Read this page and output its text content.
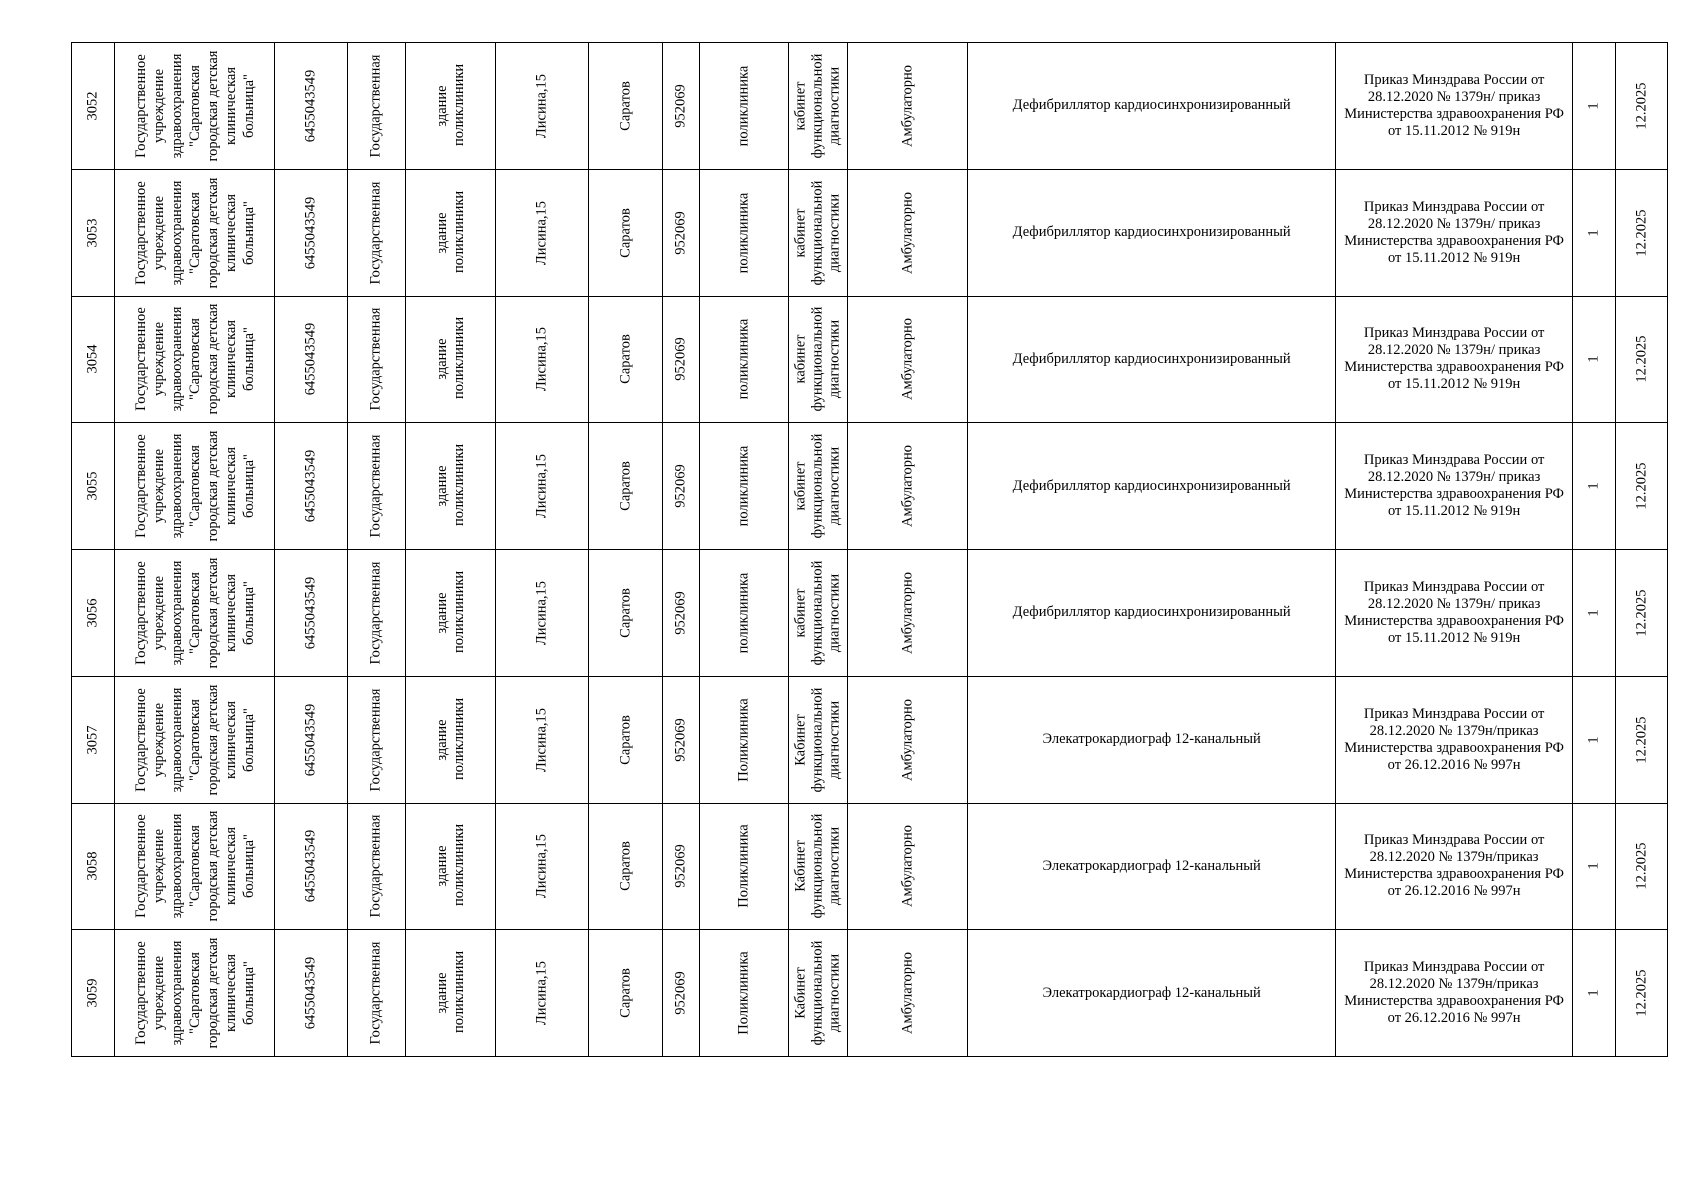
3052	Государственное учреждение здравоохранения "Саратовская городская детская клиническая больница"	6455043549	Государственная	здание поликлиники	Лисина,15	Саратов	952069	поликлиника	кабинет функциональной диагностики	Амбулаторно	Дефибриллятор кардиосинхронизированный	Приказ Минздрава России от 28.12.2020 № 1379н/ приказ Министерства здравоохранения РФ от 15.11.2012 № 919н	1	12.2025

3053	Государственное учреждение здравоохранения "Саратовская городская детская клиническая больница"	6455043549	Государственная	здание поликлиники	Лисина,15	Саратов	952069	поликлиника	кабинет функциональной диагностики	Амбулаторно	Дефибриллятор кардиосинхронизированный	Приказ Минздрава России от 28.12.2020 № 1379н/ приказ Министерства здравоохранения РФ от 15.11.2012 № 919н	1	12.2025

3054	Государственное учреждение здравоохранения "Саратовская городская детская клиническая больница"	6455043549	Государственная	здание поликлиники	Лисина,15	Саратов	952069	поликлиника	кабинет функциональной диагностики	Амбулаторно	Дефибриллятор кардиосинхронизированный	Приказ Минздрава России от 28.12.2020 № 1379н/ приказ Министерства здравоохранения РФ от 15.11.2012 № 919н	1	12.2025

3055	Государственное учреждение здравоохранения "Саратовская городская детская клиническая больница"	6455043549	Государственная	здание поликлиники	Лисина,15	Саратов	952069	поликлиника	кабинет функциональной диагностики	Амбулаторно	Дефибриллятор кардиосинхронизированный	Приказ Минздрава России от 28.12.2020 № 1379н/ приказ Министерства здравоохранения РФ от 15.11.2012 № 919н	1	12.2025

3056	Государственное учреждение здравоохранения "Саратовская городская детская клиническая больница"	6455043549	Государственная	здание поликлиники	Лисина,15	Саратов	952069	поликлиника	кабинет функциональной диагностики	Амбулаторно	Дефибриллятор кардиосинхронизированный	Приказ Минздрава России от 28.12.2020 № 1379н/ приказ Министерства здравоохранения РФ от 15.11.2012 № 919н	1	12.2025

3057	Государственное учреждение здравоохранения "Саратовская городская детская клиническая больница"	6455043549	Государственная	здание поликлиники	Лисина,15	Саратов	952069	Поликлиника	Кабинет функциональной диагностики	Амбулаторно	Элекатрокардиограф 12-канальный	Приказ Минздрава России от 28.12.2020 № 1379н/приказ Министерства здравоохранения РФ от 26.12.2016 № 997н	1	12.2025

3058	Государственное учреждение здравоохранения "Саратовская городская детская клиническая больница"	6455043549	Государственная	здание поликлиники	Лисина,15	Саратов	952069	Поликлиника	Кабинет функциональной диагностики	Амбулаторно	Элекатрокардиограф 12-канальный	Приказ Минздрава России от 28.12.2020 № 1379н/приказ Министерства здравоохранения РФ от 26.12.2016 № 997н	1	12.2025

3059	Государственное учреждение здравоохранения "Саратовская городская детская клиническая больница"	6455043549	Государственная	здание поликлиники	Лисина,15	Саратов	952069	Поликлиника	Кабинет функциональной диагностики	Амбулаторно	Элекатрокардиограф 12-канальный	Приказ Минздрава России от 28.12.2020 № 1379н/приказ Министерства здравоохранения РФ от 26.12.2016 № 997н	1	12.2025
